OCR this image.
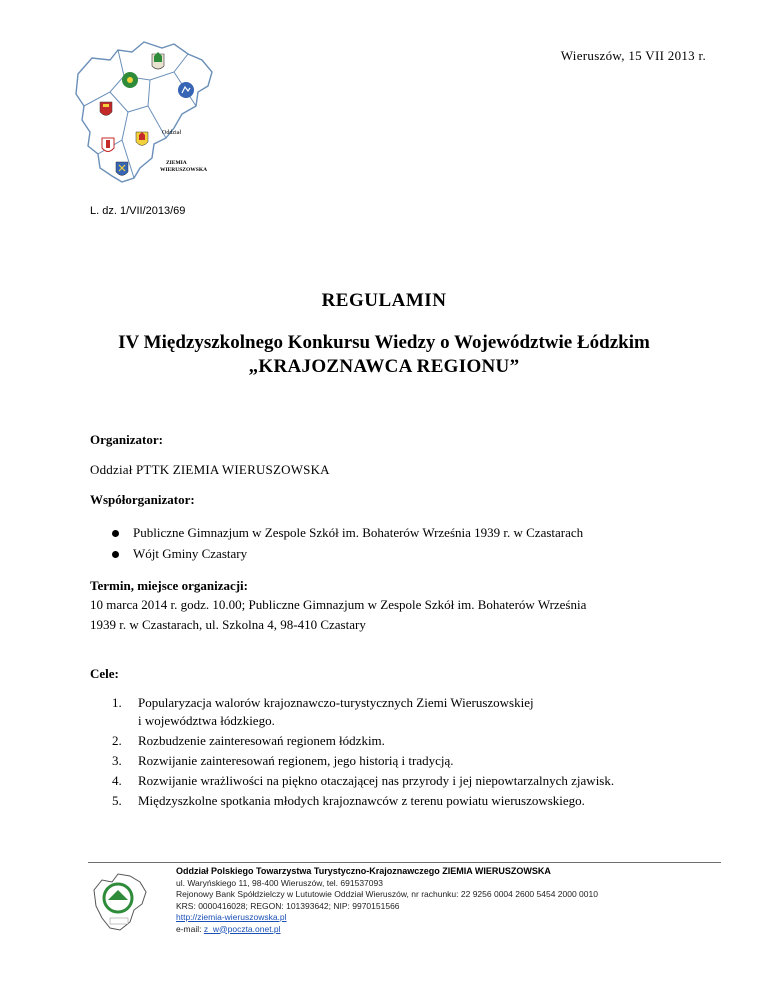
Oddział
ZIEMIA
WIERUSZOWSKA
Wieruszów, 15 VII 2013 r.
L. dz. 1/VII/2013/69
REGULAMIN
IV Międzyszkolnego Konkursu Wiedzy o Województwie Łódzkim
„KRAJOZNAWCA REGIONU”
Organizator:
Oddział PTTK ZIEMIA WIERUSZOWSKA
Współorganizator:
Publiczne Gimnazjum w Zespole Szkół im. Bohaterów Września 1939 r. w Czastarach
Wójt Gminy Czastary
Termin, miejsce organizacji:
10 marca 2014 r. godz. 10.00; Publiczne Gimnazjum w Zespole Szkół im. Bohaterów Września
1939 r. w Czastarach, ul. Szkolna 4, 98-410 Czastary
Cele:
1. Popularyzacja walorów krajoznawczo-turystycznych Ziemi Wieruszowskiej
i województwa łódzkiego.
2. Rozbudzenie zainteresowań regionem łódzkim.
3. Rozwijanie zainteresowań regionem, jego historią i tradycją.
4. Rozwijanie wrażliwości na piękno otaczającej nas przyrody i jej niepowtarzalnych zjawisk.
5. Międzyszkolne spotkania młodych krajoznawców z terenu powiatu wieruszowskiego.
Oddział Polskiego Towarzystwa Turystyczno-Krajoznawczego ZIEMIA WIERUSZOWSKA
ul. Waryńskiego 11, 98-400 Wieruszów, tel. 691537093
Rejonowy Bank Spółdzielczy w Lututowie Oddział Wieruszów, nr rachunku: 22 9256 0004 2600 5454 2000 0010
KRS: 0000416028; REGON: 101393642; NIP: 9970151566
http://ziemia-wieruszowska.pl
e-mail: z_w@poczta.onet.pl
